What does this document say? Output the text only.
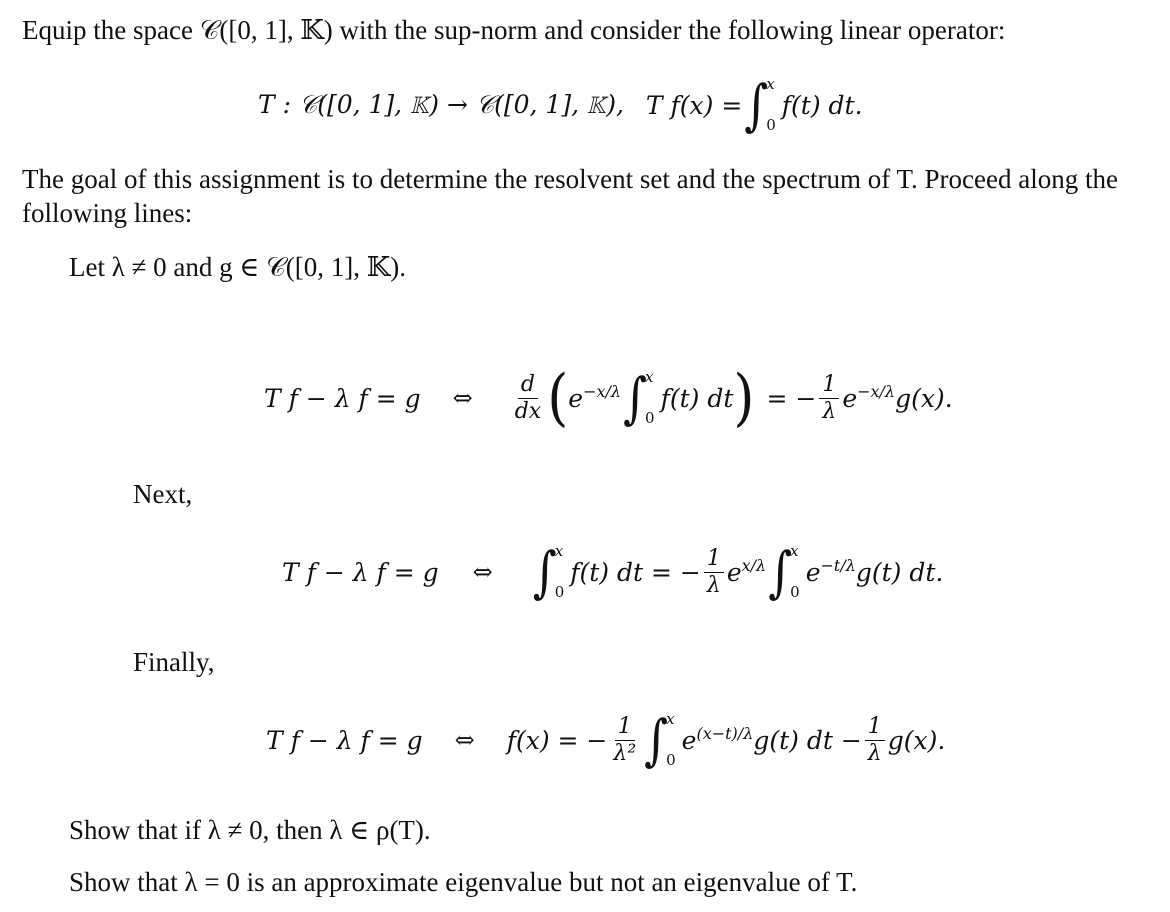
Equip the space 𝒞([0, 1], 𝕂) with the sup-norm and consider the following linear operator:
T : 𝒞([0, 1], 𝕂) → 𝒞([0, 1], 𝕂), T f(x) = ∫
x
0
f(t) dt.
The goal of this assignment is to determine the resolvent set and the spectrum of T. Proceed along the following lines:
Let λ ≠ 0 and g ∈ 𝒞([0, 1], 𝕂).
T f − λ f = g ⇔ $\frac{d}{dx}$ ( $e^{-x/\lambda}$ ∫
x
0
f(t) dt ) = − $\frac{1}{\lambda} e^{-x/\lambda}$ g(x).
Next,
T f − λ f = g ⇔ ∫
x
0
f(t) dt = − $\frac{1}{\lambda} e^{x/\lambda}$ ∫
x
0
$e^{-t/\lambda}$ g(t) dt.
Finally,
T f − λ f = g ⇔ f(x) = − $\frac{1}{\text{λ²}}$ ∫
x
0
$e^{(x-t)/\lambda}$ g(t) dt − $\frac{1}{\lambda} g(x)$.
Show that if λ ≠ 0, then λ ∈ ρ(T).
Show that λ = 0 is an approximate eigenvalue but not an eigenvalue of T.
